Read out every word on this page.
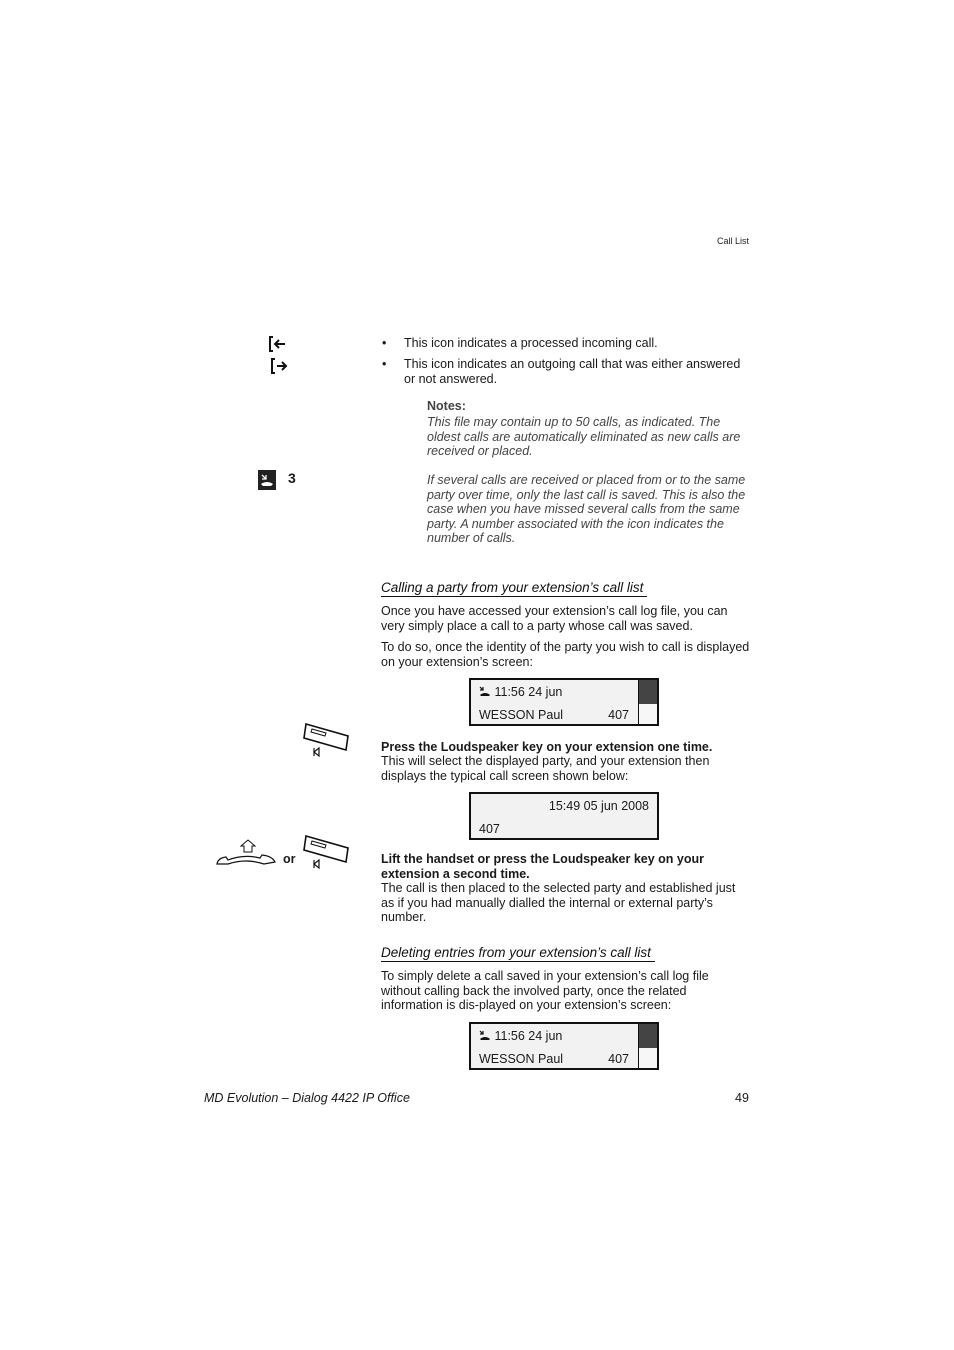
Call List
3
• This icon indicates a processed incoming call.
• This icon indicates an outgoing call that was either answered or not answered.
Notes:
This file may contain up to 50 calls, as indicated. The oldest calls are automatically eliminated as new calls are received or placed.
If several calls are received or placed from or to the same party over time, only the last call is saved. This is also the case when you have missed several calls from the same party. A number associated with the icon indicates the number of calls.
Calling a party from your extension’s call list
Once you have accessed your extension’s call log file, you can very simply place a call to a party whose call was saved.
To do so, once the identity of the party you wish to call is displayed on your extension’s screen:
11:56 24 jun
WESSON Paul	407
Press the Loudspeaker key on your extension one time.
This will select the displayed party, and your extension then displays the typical call screen shown below:
15:49 05 jun 2008
407
or	Lift the handset or press the Loudspeaker key on your extension a second time.
The call is then placed to the selected party and established just as if you had manually dialled the internal or external party’s number.
Deleting entries from your extension’s call list
To simply delete a call saved in your extension’s call log file without calling back the involved party, once the related information is dis-played on your extension’s screen:
11:56 24 jun
WESSON Paul	407
MD Evolution – Dialog 4422 IP Office	49
